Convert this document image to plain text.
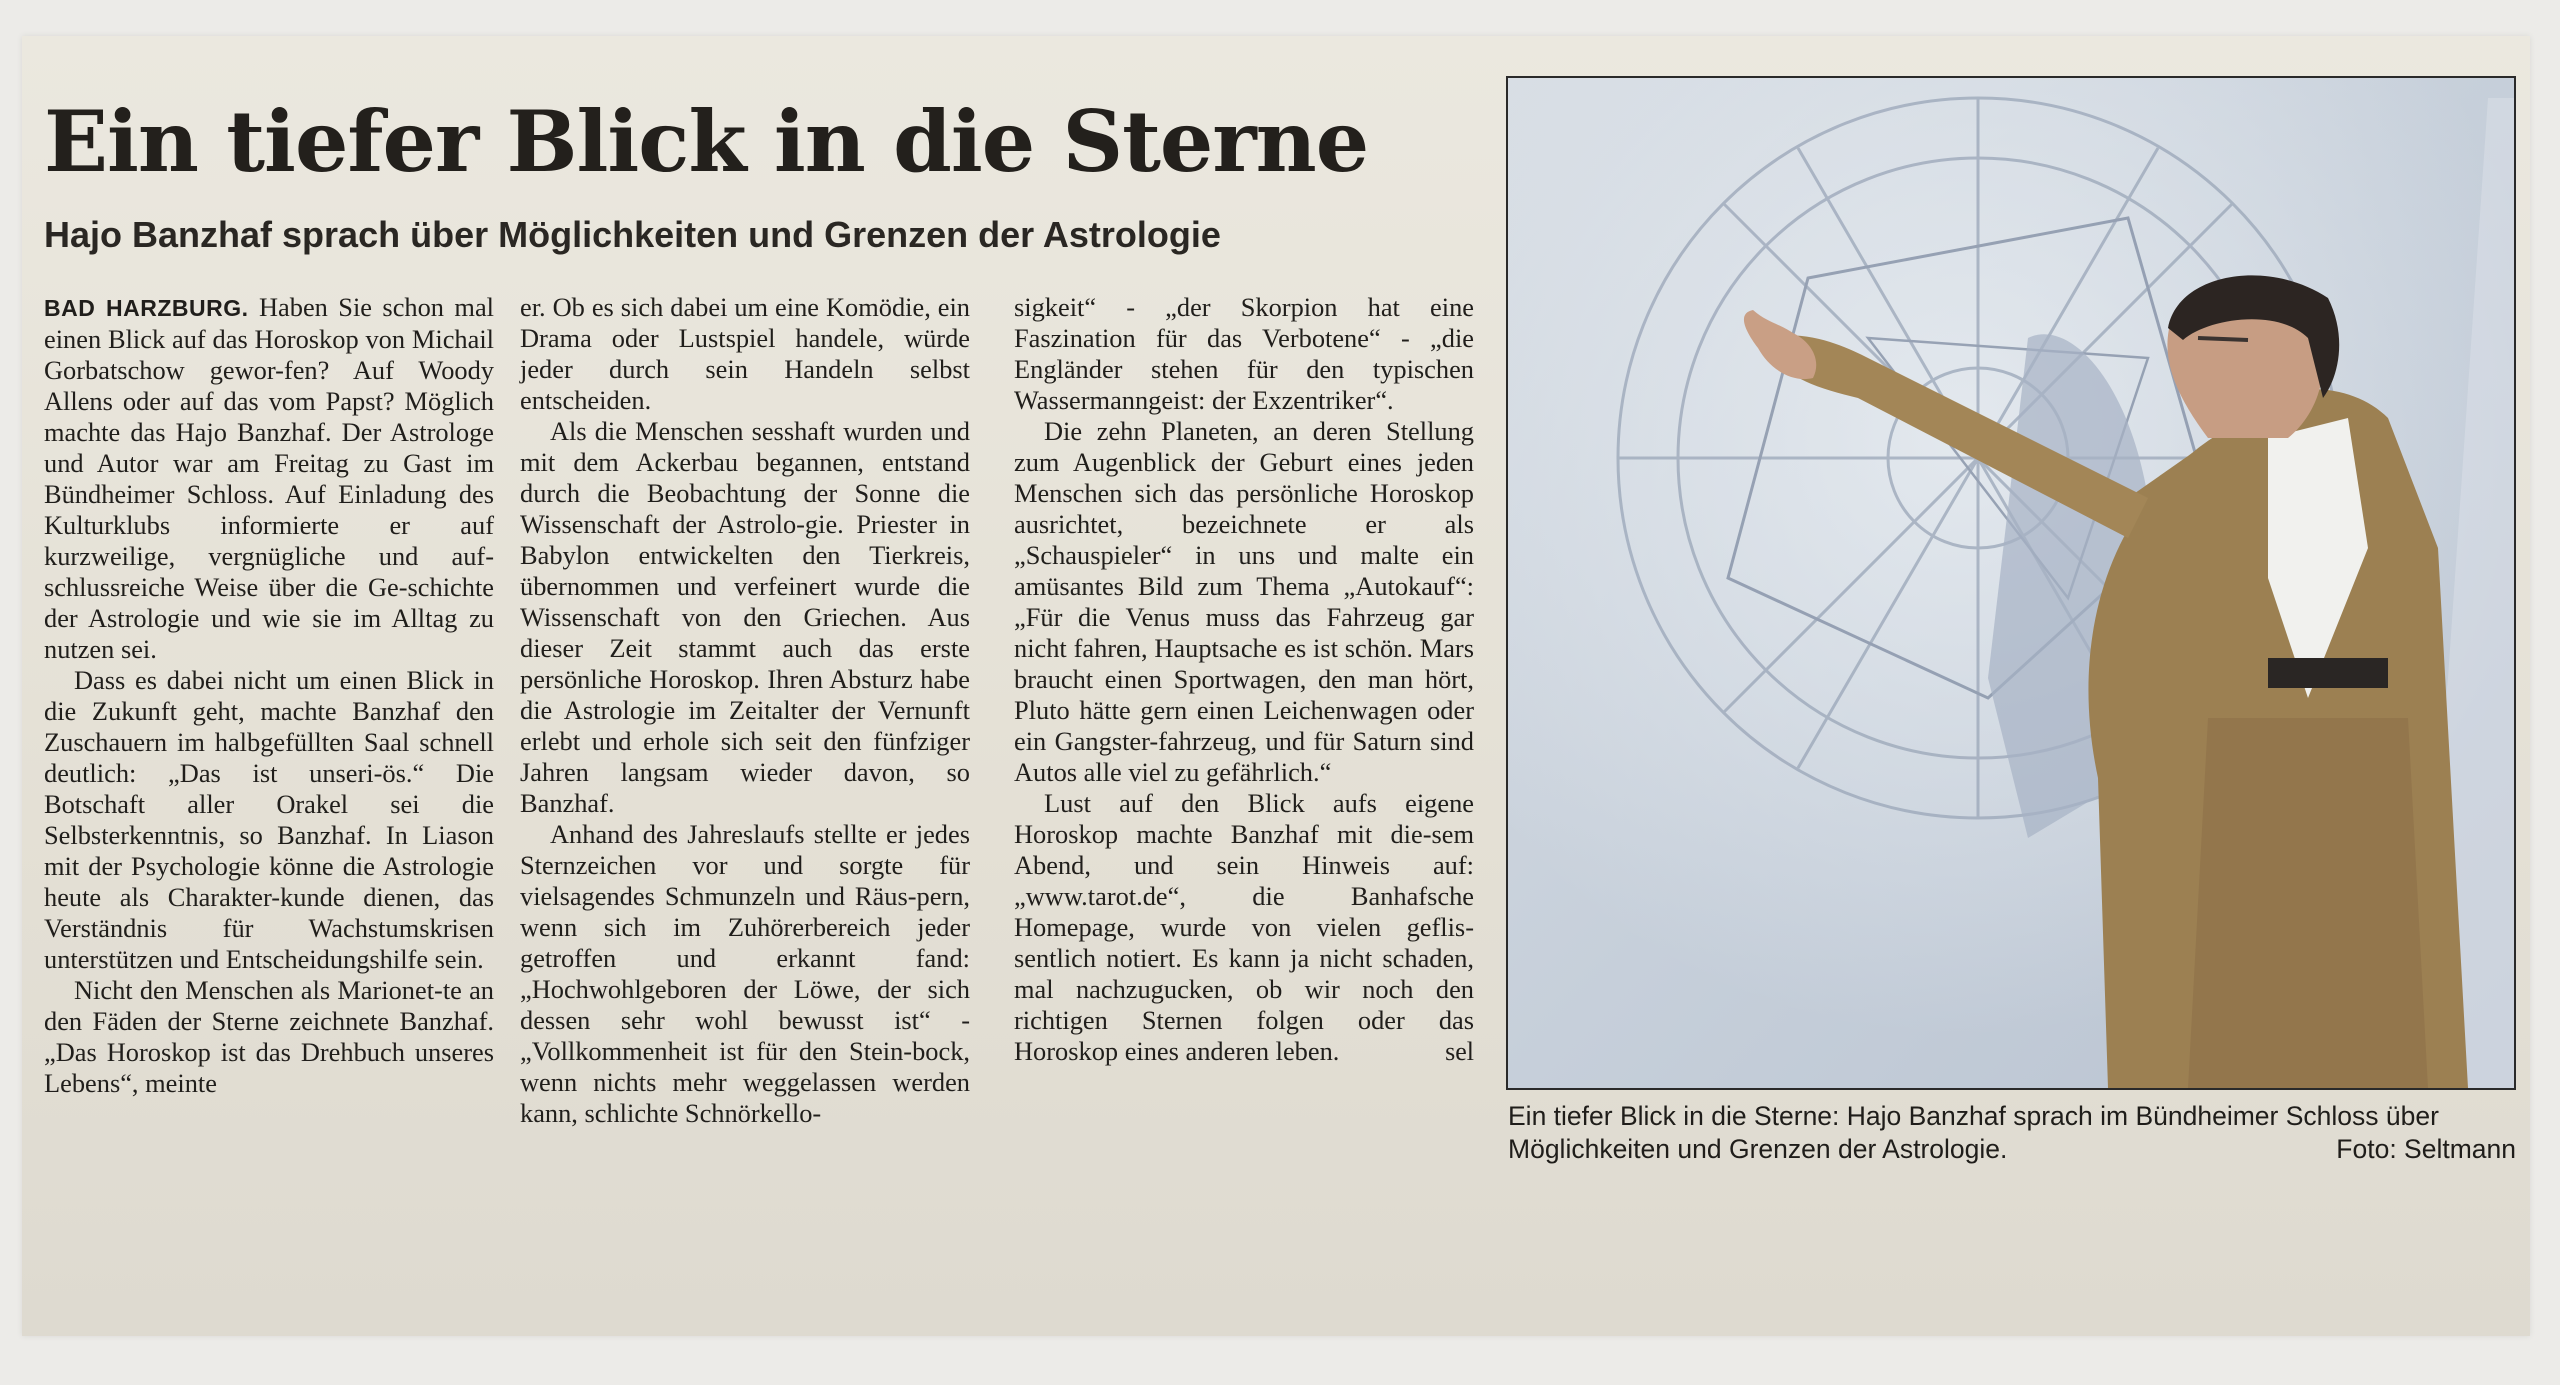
Ein tiefer Blick in die Sterne
Hajo Banzhaf sprach über Möglichkeiten und Grenzen der Astrologie

BAD HARZBURG. Haben Sie schon mal einen Blick auf das Horoskop von Michail Gorbatschow gewor-fen? Auf Woody Allens oder auf das vom Papst? Möglich machte das Hajo Banzhaf. Der Astrologe und Autor war am Freitag zu Gast im Bündheimer Schloss. Auf Einladung des Kulturklubs informierte er auf kurzweilige, vergnügliche und auf-schlussreiche Weise über die Ge-schichte der Astrologie und wie sie im Alltag zu nutzen sei.

Dass es dabei nicht um einen Blick in die Zukunft geht, machte Banzhaf den Zuschauern im halbgefüllten Saal schnell deutlich: „Das ist unseri-ös.“ Die Botschaft aller Orakel sei die Selbsterkenntnis, so Banzhaf. In Liason mit der Psychologie könne die Astrologie heute als Charakter-kunde dienen, das Verständnis für Wachstumskrisen unterstützen und Entscheidungshilfe sein.

Nicht den Menschen als Marionet-te an den Fäden der Sterne zeichnete Banzhaf. „Das Horoskop ist das Drehbuch unseres Lebens“, meinte

er. Ob es sich dabei um eine Komödie, ein Drama oder Lustspiel handele, würde jeder durch sein Handeln selbst entscheiden.

Als die Menschen sesshaft wurden und mit dem Ackerbau begannen, entstand durch die Beobachtung der Sonne die Wissenschaft der Astrolo-gie. Priester in Babylon entwickelten den Tierkreis, übernommen und verfeinert wurde die Wissenschaft von den Griechen. Aus dieser Zeit stammt auch das erste persönliche Horoskop. Ihren Absturz habe die Astrologie im Zeitalter der Vernunft erlebt und erhole sich seit den fünfziger Jahren langsam wieder davon, so Banzhaf.

Anhand des Jahreslaufs stellte er jedes Sternzeichen vor und sorgte für vielsagendes Schmunzeln und Räus-pern, wenn sich im Zuhörerbereich jeder getroffen und erkannt fand: „Hochwohlgeboren der Löwe, der sich dessen sehr wohl bewusst ist“ - „Vollkommenheit ist für den Stein-bock, wenn nichts mehr weggelassen werden kann, schlichte Schnörkello-

sigkeit“ - „der Skorpion hat eine Faszination für das Verbotene“ - „die Engländer stehen für den typischen Wassermanngeist: der Exzentriker“.

Die zehn Planeten, an deren Stellung zum Augenblick der Geburt eines jeden Menschen sich das persönliche Horoskop ausrichtet, bezeichnete er als „Schauspieler“ in uns und malte ein amüsantes Bild zum Thema „Autokauf“: „Für die Venus muss das Fahrzeug gar nicht fahren, Hauptsache es ist schön. Mars braucht einen Sportwagen, den man hört, Pluto hätte gern einen Leichenwagen oder ein Gangster-fahrzeug, und für Saturn sind Autos alle viel zu gefährlich.“

Lust auf den Blick aufs eigene Horoskop machte Banzhaf mit die-sem Abend, und sein Hinweis auf: „www.tarot.de“, die Banhafsche Homepage, wurde von vielen geflis-sentlich notiert. Es kann ja nicht schaden, mal nachzugucken, ob wir noch den richtigen Sternen folgen oder das Horoskop eines anderen leben.	sel

Ein tiefer Blick in die Sterne: Hajo Banzhaf sprach im Bündheimer Schloss über Möglichkeiten und Grenzen der Astrologie.	Foto: Seltmann
